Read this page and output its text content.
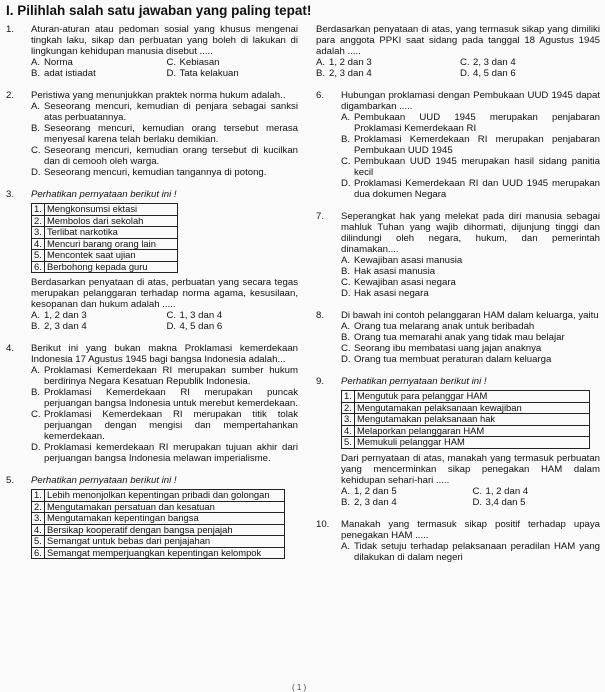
I. Pilihlah salah satu jawaban yang paling tepat!
1.	Aturan-aturan atau pedoman sosial yang khusus mengenai tingkah laku, sikap dan perbuatan yang boleh di lakukan di lingkungan kehidupan manusia disebut .....
A. Norma	C. Kebiasan
B. adat istiadat	D. Tata kelakuan
2.	Peristiwa yang menunjukkan praktek norma hukum adalah..
A. Seseorang mencuri, kemudian di penjara sebagai sanksi atas perbuatannya.
B. Seseorang mencuri, kemudian orang tersebut merasa menyesal karena telah berlaku demikian.
C. Seseorang mencuri, kemudian orang tersebut di kucilkan dan di cemooh oleh warga.
D. Seseorang mencuri, kemudian tangannya di potong.
3.	Perhatikan pernyataan berikut ini !
1.	Mengkonsumsi ektasi
2.	Membolos dari sekolah
3.	Terlibat narkotika
4.	Mencuri barang orang lain
5.	Mencontek saat ujian
6.	Berbohong kepada guru
Berdasarkan penyataan di atas, perbuatan yang secara tegas merupakan pelanggaran terhadap norma agama, kesusilaan, kesopanan dan hukum adalah .....
A. 1, 2 dan 3	C. 1, 3 dan 4
B. 2, 3 dan 4	D. 4, 5 dan 6
4.	Berikut ini yang bukan makna Proklamasi kemerdekaan Indonesia 17 Agustus 1945 bagi bangsa Indonesia adalah...
A. Proklamasi Kemerdekaan RI merupakan sumber hukum berdirinya Negara Kesatuan Republik Indonesia.
B. Proklamasi Kemerdekaan RI merupakan puncak perjuangan bangsa Indonesia untuk merebut kemerdekaan.
C. Proklamasi Kemerdekaan RI merupakan titik tolak perjuangan dengan mengisi dan mempertahankan kemerdekaan.
D. Proklamasi kemerdekaan RI merupakan tujuan akhir dari perjuangan bangsa Indonesia melawan imperialisme.
5.	Perhatikan pernyataan berikut ini !
1.	Lebih menonjolkan kepentingan pribadi dan golongan
2.	Mengutamakan persatuan dan kesatuan
3.	Mengutamakan kepentingan bangsa
4.	Bersikap kooperatif dengan bangsa penjajah
5.	Semangat untuk bebas dari penjajahan
6.	Semangat memperjuangkan kepentingan kelompok
Berdasarkan penyataan di atas, yang termasuk sikap yang dimiliki para anggota PPKI saat sidang pada tanggal 18 Agustus 1945 adalah .....
A. 1, 2 dan 3	C. 2, 3 dan 4
B. 2, 3 dan 4	D. 4, 5 dan 6
6.	Hubungan proklamasi dengan Pembukaan UUD 1945 dapat digambarkan .....
A. Pembukaan UUD 1945 merupakan penjabaran Proklamasi Kemerdekaan RI
B. Proklamasi Kemerdekaan RI merupakan penjabaran Pembukaan UUD 1945
C. Pembukaan UUD 1945 merupakan hasil sidang panitia kecil
D. Proklamasi Kemerdekaan RI dan UUD 1945 merupakan dua dokumen Negara
7.	Seperangkat hak yang melekat pada diri manusia sebagai mahluk Tuhan yang wajib dihormati, dijunjung tinggi dan dilindungi oleh negara, hukum, dan pemerintah dinamakan....
A. Kewajiban asasi manusia
B. Hak asasi manusia
C. Kewajiban asasi negara
D. Hak asasi negara
8.	Di bawah ini contoh pelanggaran HAM dalam keluarga, yaitu
A. Orang tua melarang anak untuk beribadah
B. Orang tua memarahi anak yang tidak mau belajar
C. Seorang ibu membatasi uang jajan anaknya
D. Orang tua membuat peraturan dalam keluarga
9.	Perhatikan pernyataan berikut ini !
1.	Mengutuk para pelanggar HAM
2.	Mengutamakan pelaksanaan kewajiban
3.	Mengutamakan pelaksanaan hak
4.	Melaporkan pelanggaran HAM
5.	Memukuli pelanggar HAM
Dari pernyataan di atas, manakah yang termasuk perbuatan yang mencerminkan sikap penegakan HAM dalam kehidupan sehari-hari .....
A. 1, 2 dan 5	C. 1, 2 dan 4
B. 2, 3 dan 4	D. 3,4 dan 5
10.	Manakah yang termasuk sikap positif terhadap upaya penegakan HAM .....
A. Tidak setuju terhadap pelaksanaan peradilan HAM yang dilakukan di dalam negeri
( 1 )
